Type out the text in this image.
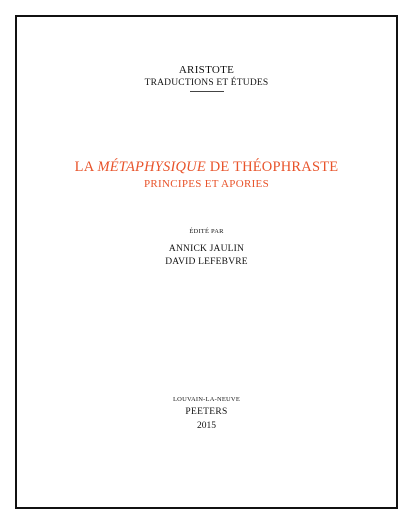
ARISTOTE
TRADUCTIONS ET ÉTUDES
LA MÉTAPHYSIQUE DE THÉOPHRASTE
PRINCIPES ET APORIES
ÉDITÉ PAR
ANNICK JAULIN
DAVID LEFEBVRE
LOUVAIN-LA-NEUVE
PEETERS
2015
